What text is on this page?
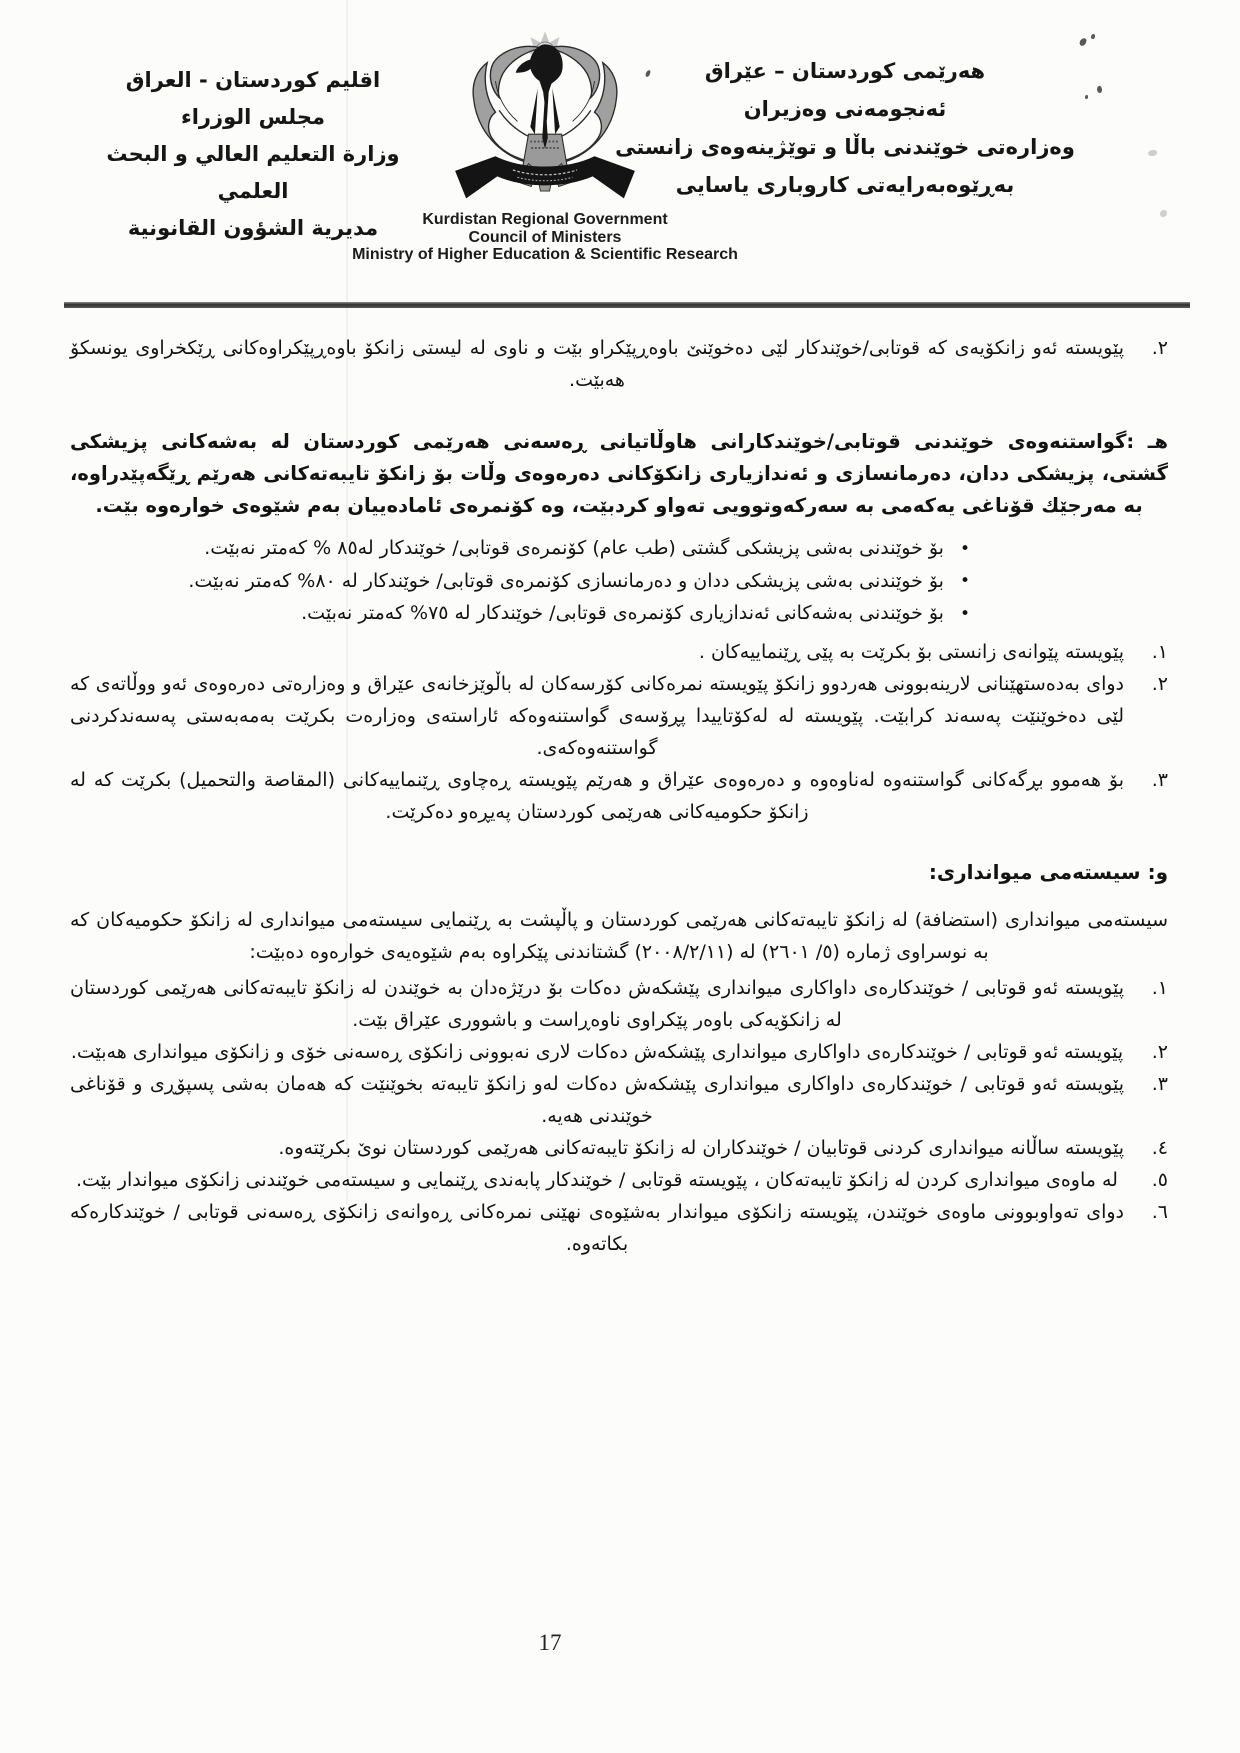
هەرێمی کوردستان – عێراق
ئەنجومەنی وەزیران
وەزارەتی خوێندنی باڵا و توێژینەوەی زانستی
بەڕێوەبەرایەتی کاروباری یاسایی
اقليم كوردستان - العراق
مجلس الوزراء
وزارة التعليم العالي و البحث العلمي
مديرية الشؤون القانونية	Kurdistan Regional Government
Council of Ministers
Ministry of Higher Education & Scientific Research
٢.
پێویسته ئەو زانکۆیەی کە قوتابی/خوێندکار لێی دەخوێنێ باوەڕپێکراو بێت و ناوی لە لیستی زانکۆ باوەڕپێکراوەکانی ڕێکخراوی یونسکۆ هەبێت.
هـ :گواستنەوەی خوێندنی قوتابی/خوێندکارانی هاوڵاتیانی ڕەسەنی هەرێمی کوردستان لە بەشەکانی پزیشکی گشتی، پزیشکی ددان، دەرمانسازی و ئەندازیاری زانکۆکانی دەرەوەی وڵات بۆ زانکۆ تایبەتەکانی هەرێم ڕێگەپێدراوە، بە مەرجێك قۆناغی یەکەمی بە سەرکەوتوویی تەواو کردبێت، وە کۆنمرەی ئامادەییان بەم شێوەی خوارەوە بێت.
• بۆ خوێندنی بەشی پزیشکی گشتی (طب عام) کۆنمرەی قوتابی/ خوێندکار لە٨٥ % کەمتر نەبێت.
• بۆ خوێندنی بەشی پزیشکی ددان و دەرمانسازی کۆنمرەی قوتابی/ خوێندکار لە ٨٠% کەمتر نەبێت.
• بۆ خوێندنی بەشەکانی ئەندازیاری کۆنمرەی قوتابی/ خوێندکار لە ٧٥% کەمتر نەبێت.
١.
پێویسته پێوانەی زانستی بۆ بکرێت بە پێی ڕێنماییەکان .
٢.
دوای بەدەستهێنانی لارینەبوونی هەردوو زانکۆ پێویسته نمرەکانی کۆرسەکان لە باڵوێزخانەی عێراق و وەزارەتی دەرەوەی ئەو ووڵاتەی کە لێی دەخوێنێت پەسەند کرابێت. پێویسته لە لەکۆتاییدا پڕۆسەی گواستنەوەکە ئاراستەی وەزارەت بکرێت بەمەبەستی پەسەندکردنی گواستنەوەکەی.
٣.
بۆ هەموو بڕگەکانی گواستنەوە لەناوەوە و دەرەوەی عێراق و هەرێم پێویسته ڕەچاوی ڕێنماییەکانی (المقاصة والتحميل) بکرێت کە لە زانکۆ حکومیەکانی هەرێمی کوردستان پەیڕەو دەکرێت.
و: سیستەمی میوانداری:
سیستەمی میوانداری (استضافة) لە زانکۆ تایبەتەکانی هەرێمی کوردستان و پاڵپشت بە ڕێنمایی سیستەمی میوانداری لە زانکۆ حکومیەکان کە بە نوسراوی ژمارە (٥/ ٢٦٠١) لە (٢٠٠٨/٢/١١) گشتاندنی پێکراوە بەم شێوەیەی خوارەوە دەبێت:
١.
پێویسته ئەو قوتابی / خوێندکارەی داواکاری میوانداری پێشکەش دەکات بۆ درێژەدان بە خوێندن لە زانکۆ تایبەتەکانی هەرێمی کوردستان لە زانکۆیەکی باوەر پێکراوی ناوەڕاست و باشووری عێراق بێت.
٢.
پێویسته ئەو قوتابی / خوێندکارەی داواکاری میوانداری پێشکەش دەکات لاری نەبوونی زانکۆی ڕەسەنی خۆی و زانکۆی میوانداری هەبێت.
٣.
پێویسته ئەو قوتابی / خوێندکارەی داواکاری میوانداری پێشکەش دەکات لەو زانکۆ تایبەتە بخوێنێت کە هەمان بەشی پسپۆڕی و قۆناغی خوێندنی هەیە.
٤.
پێویسته ساڵانە میوانداری کردنی قوتابیان / خوێندکاران لە زانکۆ تایبەتەکانی هەرێمی کوردستان نوێ بکرێتەوە.
٥.
لە ماوەی میوانداری کردن لە زانکۆ تایبەتەکان ، پێویسته قوتابی / خوێندکار پابەندی ڕێنمایی و سیستەمی خوێندنی زانکۆی میواندار بێت.
٦.
دوای تەواوبوونی ماوەی خوێندن، پێویسته زانکۆی میواندار بەشێوەی نهێنی نمرەکانی ڕەوانەی زانکۆی ڕەسەنی قوتابی / خوێندکارەکە بکاتەوە.
17
